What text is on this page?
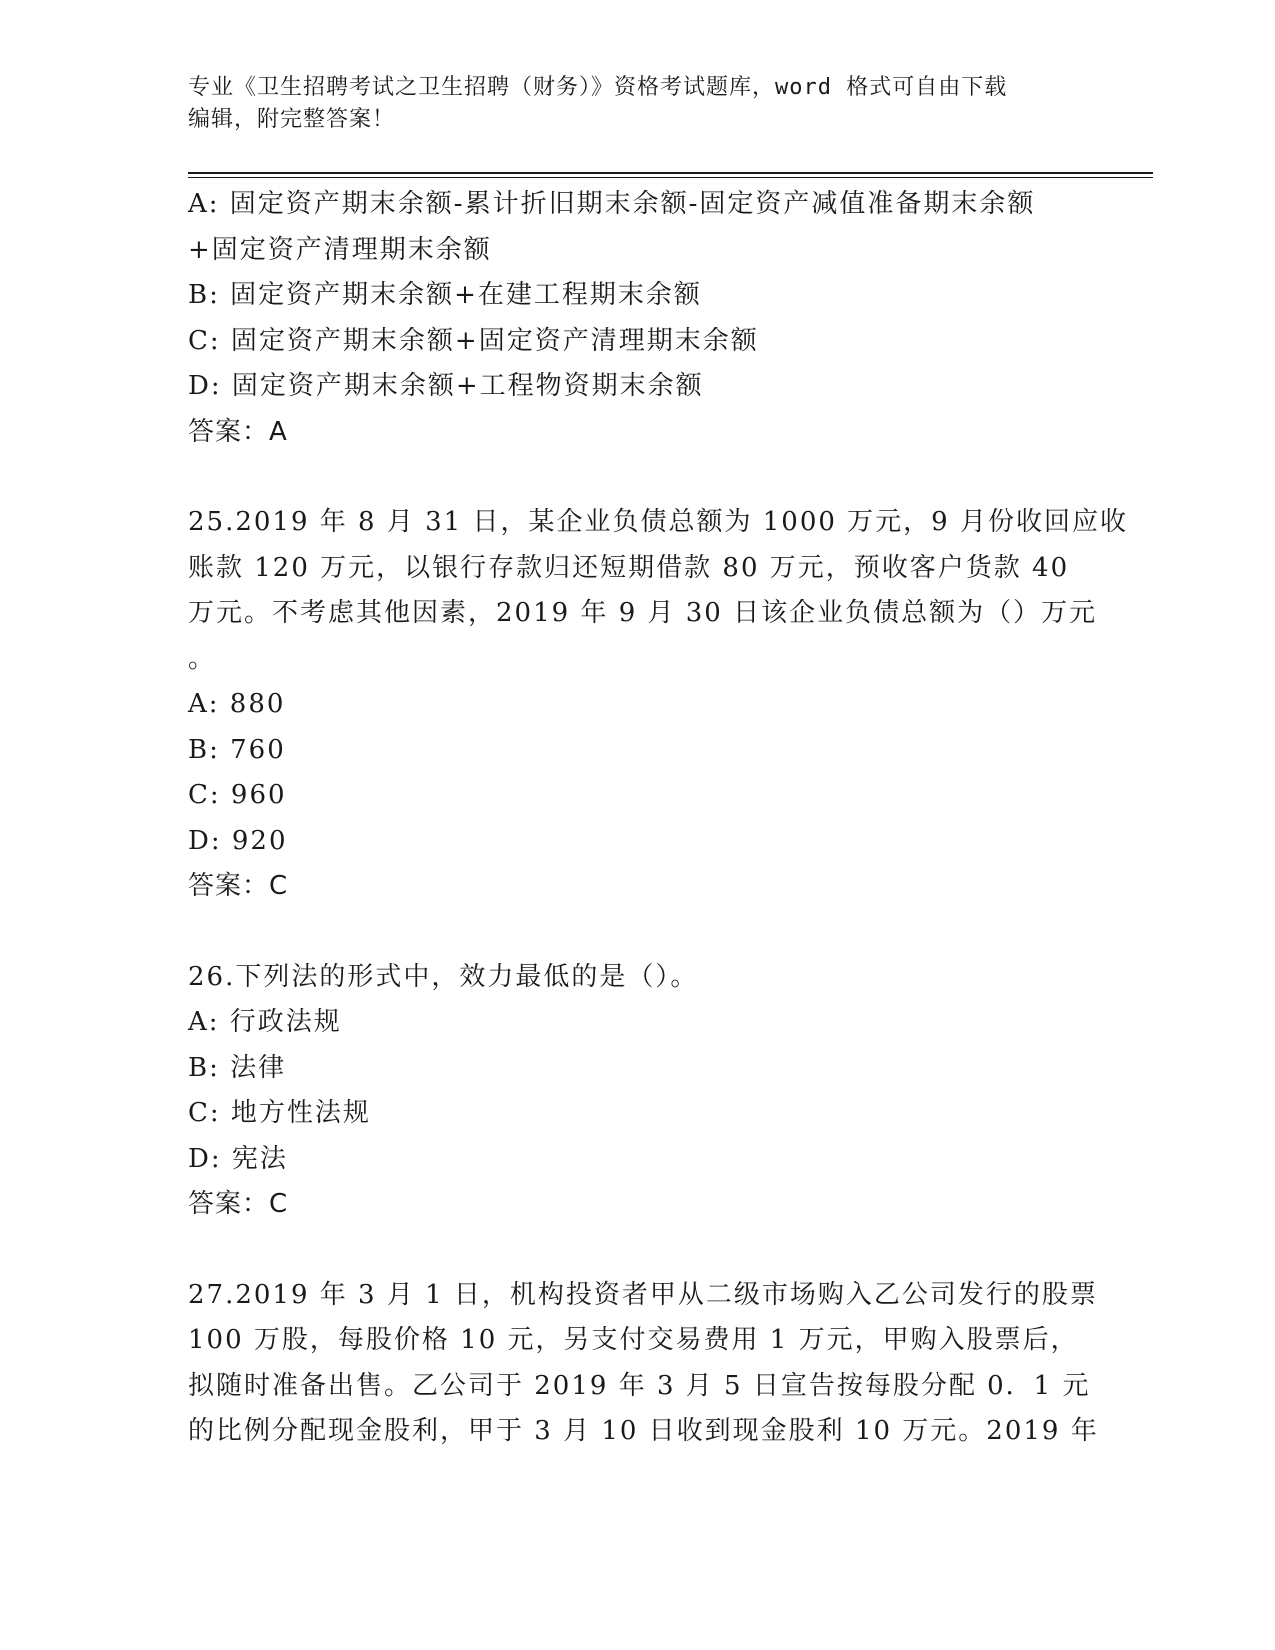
专业《卫生招聘考试之卫生招聘（财务）》资格考试题库，word 格式可自由下载

编辑，附完整答案！

A: 固定资产期末余额-累计折旧期末余额-固定资产减值准备期末余额

+固定资产清理期末余额

B: 固定资产期末余额+在建工程期末余额

C: 固定资产期末余额+固定资产清理期末余额

D: 固定资产期末余额+工程物资期末余额

答案：A

25.2019 年 8 月 31 日，某企业负债总额为 1000 万元，9 月份收回应收

账款 120 万元，以银行存款归还短期借款 80 万元，预收客户货款 40

万元。不考虑其他因素，2019 年 9 月 30 日该企业负债总额为（）万元

。

A: 880

B: 760

C: 960

D: 920

答案：C

26.下列法的形式中，效力最低的是（）。

A: 行政法规

B: 法律

C: 地方性法规

D: 宪法

答案：C

27.2019 年 3 月 1 日，机构投资者甲从二级市场购入乙公司发行的股票

100 万股，每股价格 10 元，另支付交易费用 1 万元，甲购入股票后，

拟随时准备出售。乙公司于 2019 年 3 月 5 日宣告按每股分配 0．1 元

的比例分配现金股利，甲于 3 月 10 日收到现金股利 10 万元。2019 年
